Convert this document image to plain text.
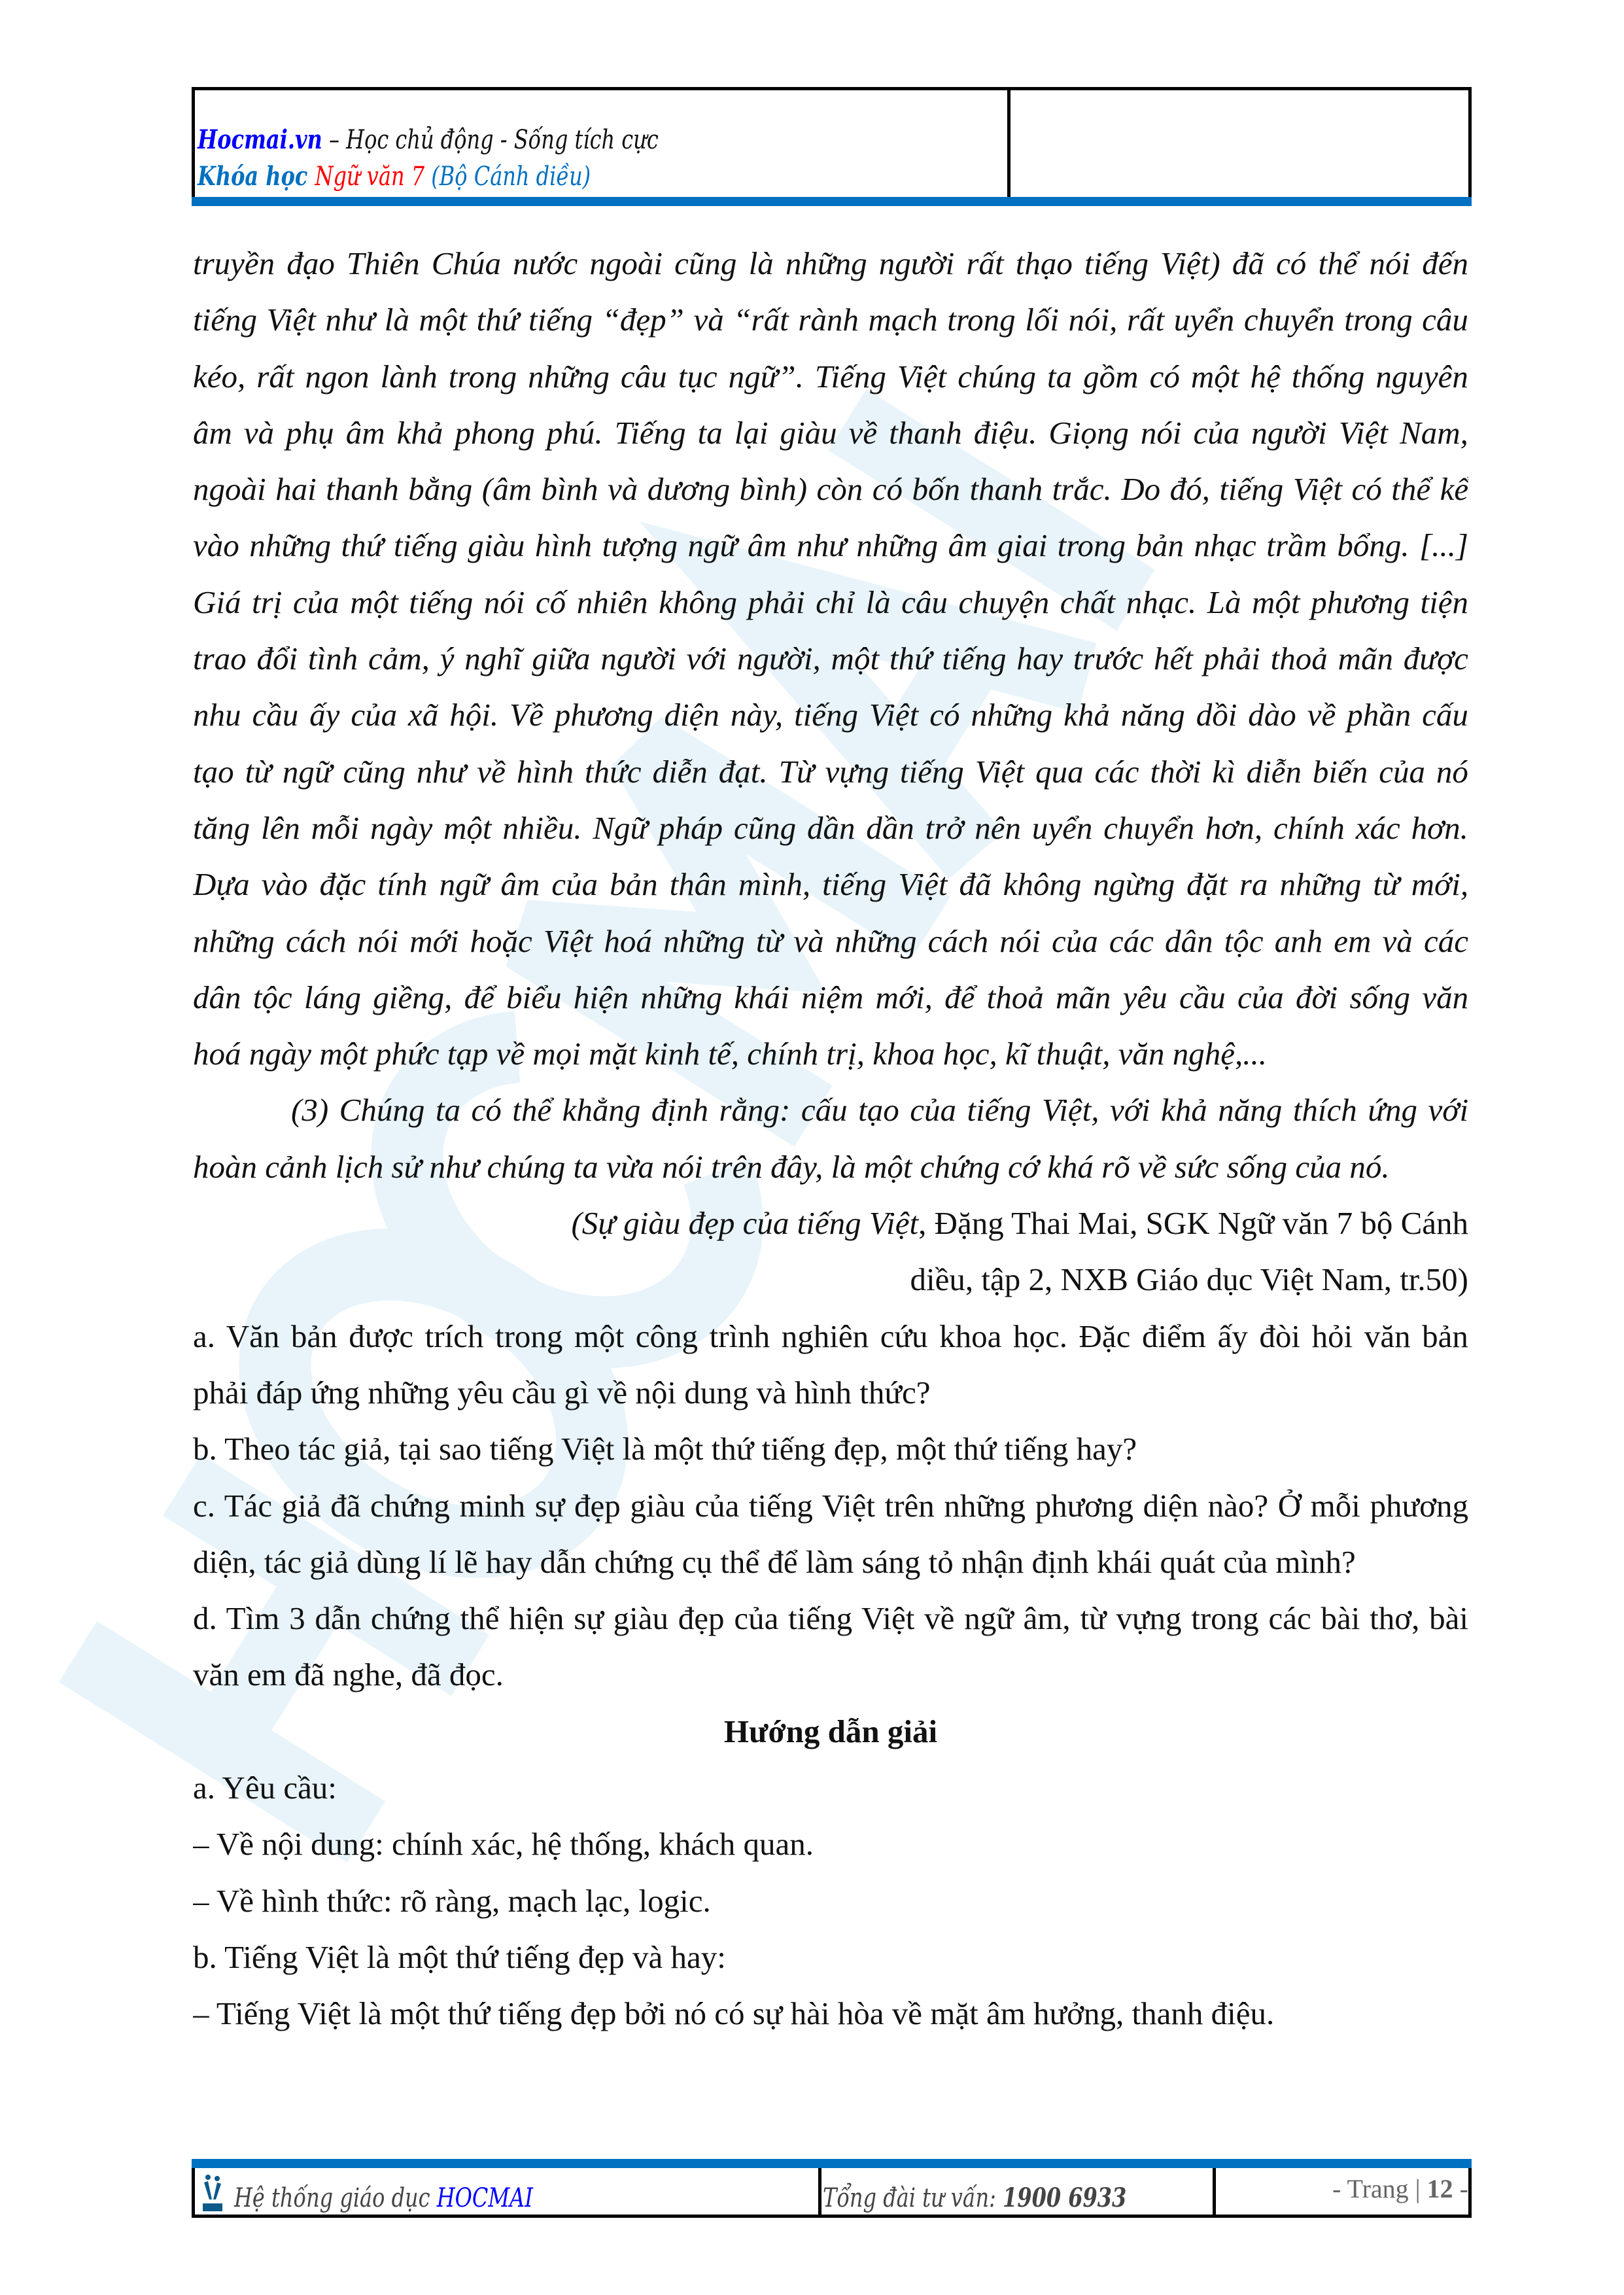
Hocmai.vn – Học chủ động - Sống tích cực
Khóa học Ngữ văn 7 (Bộ Cánh diều)
truyền đạo Thiên Chúa nước ngoài cũng là những người rất thạo tiếng Việt) đã có thể nói đến
tiếng Việt như là một thứ tiếng “đẹp” và “rất rành mạch trong lối nói, rất uyển chuyển trong câu
kéo, rất ngon lành trong những câu tục ngữ”. Tiếng Việt chúng ta gồm có một hệ thống nguyên
âm và phụ âm khả phong phú. Tiếng ta lại giàu về thanh điệu. Giọng nói của người Việt Nam,
ngoài hai thanh bằng (âm bình và dương bình) còn có bốn thanh trắc. Do đó, tiếng Việt có thể kể
vào những thứ tiếng giàu hình tượng ngữ âm như những âm giai trong bản nhạc trầm bổng. [...]
Giá trị của một tiếng nói cố nhiên không phải chỉ là câu chuyện chất nhạc. Là một phương tiện
trao đổi tình cảm, ý nghĩ giữa người với người, một thứ tiếng hay trước hết phải thoả mãn được
nhu cầu ấy của xã hội. Về phương diện này, tiếng Việt có những khả năng dồi dào về phần cấu
tạo từ ngữ cũng như về hình thức diễn đạt. Từ vựng tiếng Việt qua các thời kì diễn biến của nó
tăng lên mỗi ngày một nhiều. Ngữ pháp cũng dần dần trở nên uyển chuyển hơn, chính xác hơn.
Dựa vào đặc tính ngữ âm của bản thân mình, tiếng Việt đã không ngừng đặt ra những từ mới,
những cách nói mới hoặc Việt hoá những từ và những cách nói của các dân tộc anh em và các
dân tộc láng giềng, để biểu hiện những khái niệm mới, để thoả mãn yêu cầu của đời sống văn
hoá ngày một phức tạp về mọi mặt kinh tế, chính trị, khoa học, kĩ thuật, văn nghệ,...
(3) Chúng ta có thể khẳng định rằng: cấu tạo của tiếng Việt, với khả năng thích ứng với
hoàn cảnh lịch sử như chúng ta vừa nói trên đây, là một chứng cớ khá rõ về sức sống của nó.
(Sự giàu đẹp của tiếng Việt, Đặng Thai Mai, SGK Ngữ văn 7 bộ Cánh
diều, tập 2, NXB Giáo dục Việt Nam, tr.50)
a. Văn bản được trích trong một công trình nghiên cứu khoa học. Đặc điểm ấy đòi hỏi văn bản
phải đáp ứng những yêu cầu gì về nội dung và hình thức?
b. Theo tác giả, tại sao tiếng Việt là một thứ tiếng đẹp, một thứ tiếng hay?
c. Tác giả đã chứng minh sự đẹp giàu của tiếng Việt trên những phương diện nào? Ở mỗi phương
diện, tác giả dùng lí lẽ hay dẫn chứng cụ thể để làm sáng tỏ nhận định khái quát của mình?
d. Tìm 3 dẫn chứng thể hiện sự giàu đẹp của tiếng Việt về ngữ âm, từ vựng trong các bài thơ, bài
văn em đã nghe, đã đọc.
Hướng dẫn giải
a. Yêu cầu:
– Về nội dung: chính xác, hệ thống, khách quan.
– Về hình thức: rõ ràng, mạch lạc, logic.
b. Tiếng Việt là một thứ tiếng đẹp và hay:
– Tiếng Việt là một thứ tiếng đẹp bởi nó có sự hài hòa về mặt âm hưởng, thanh điệu.
Hệ thống giáo dục HOCMAI	Tổng đài tư vấn: 1900 6933	- Trang | 12 -
